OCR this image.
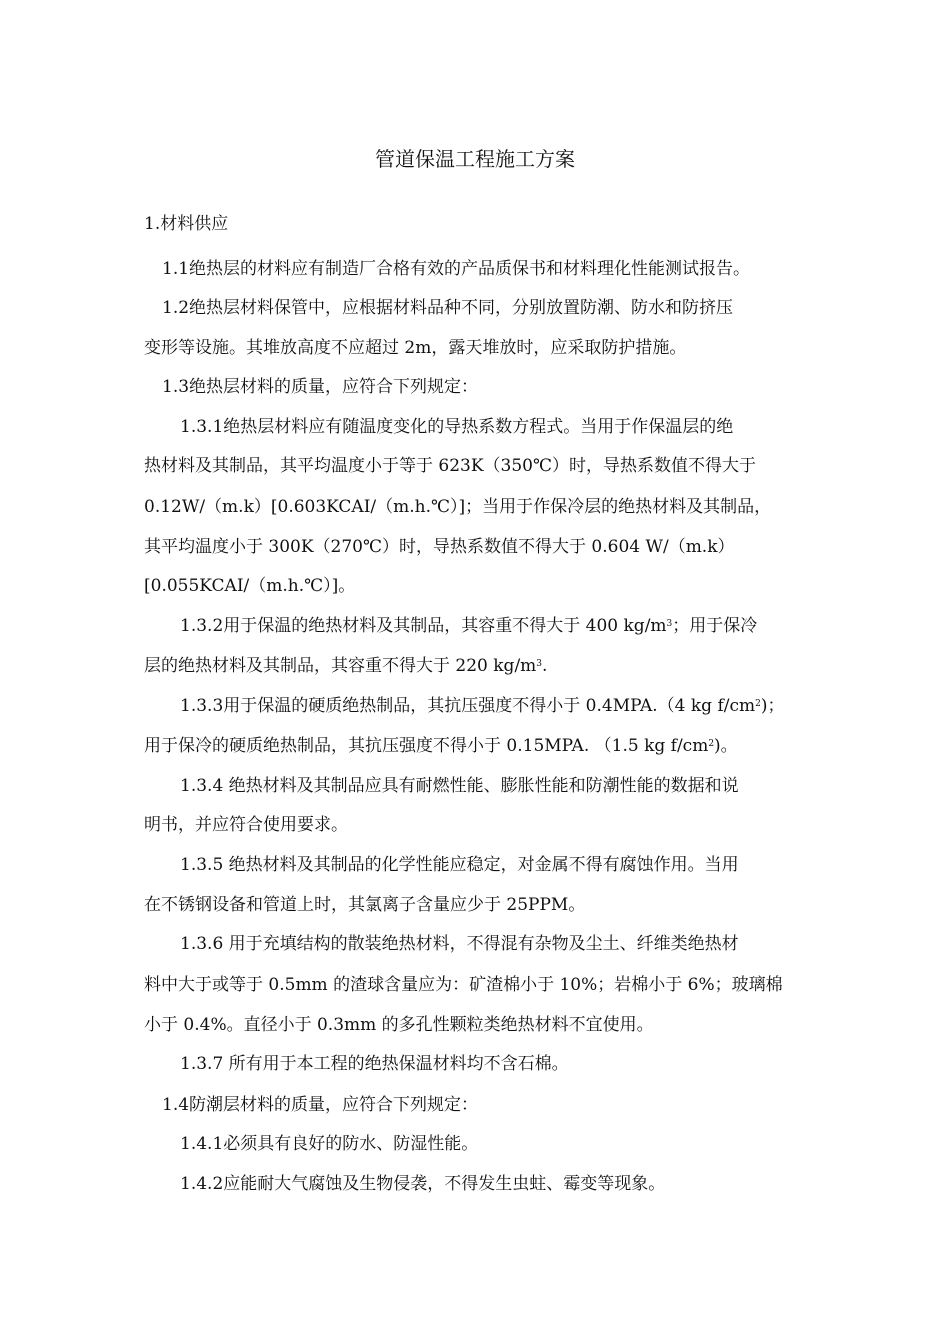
管道保温工程施工方案
1.材料供应
1.1绝热层的材料应有制造厂合格有效的产品质保书和材料理化性能测试报告。
1.2绝热层材料保管中，应根据材料品种不同，分别放置防潮、防水和防挤压
变形等设施。其堆放高度不应超过 2m，露天堆放时，应采取防护措施。
1.3绝热层材料的质量，应符合下列规定：
1.3.1绝热层材料应有随温度变化的导热系数方程式。当用于作保温层的绝
热材料及其制品，其平均温度小于等于 623K（350℃）时，导热系数值不得大于
0.12W/（m.k）[0.603KCAI/（m.h.℃）]；当用于作保冷层的绝热材料及其制品，
其平均温度小于 300K（270℃）时，导热系数值不得大于 0.604 W/（m.k）
[0.055KCAI/（m.h.℃）]。
1.3.2用于保温的绝热材料及其制品，其容重不得大于 400 $kg/m^3$；用于保冷
层的绝热材料及其制品，其容重不得大于 220 $kg/m^3$.
1.3.3用于保温的硬质绝热制品，其抗压强度不得小于 0.4MPA.（4 kg $f/cm^2$)；
用于保冷的硬质绝热制品，其抗压强度不得小于 0.15MPA. （1.5 kg $f/cm^2$)。
1.3.4 绝热材料及其制品应具有耐燃性能、膨胀性能和防潮性能的数据和说
明书，并应符合使用要求。
1.3.5 绝热材料及其制品的化学性能应稳定，对金属不得有腐蚀作用。当用
在不锈钢设备和管道上时，其氯离子含量应少于 25PPM。
1.3.6 用于充填结构的散装绝热材料，不得混有杂物及尘土、纤维类绝热材
料中大于或等于 0.5mm 的渣球含量应为：矿渣棉小于 10%；岩棉小于 6%；玻璃棉
小于 0.4%。直径小于 0.3mm 的多孔性颗粒类绝热材料不宜使用。
1.3.7 所有用于本工程的绝热保温材料均不含石棉。
1.4防潮层材料的质量，应符合下列规定：
1.4.1必须具有良好的防水、防湿性能。
1.4.2应能耐大气腐蚀及生物侵袭，不得发生虫蛀、霉变等现象。
